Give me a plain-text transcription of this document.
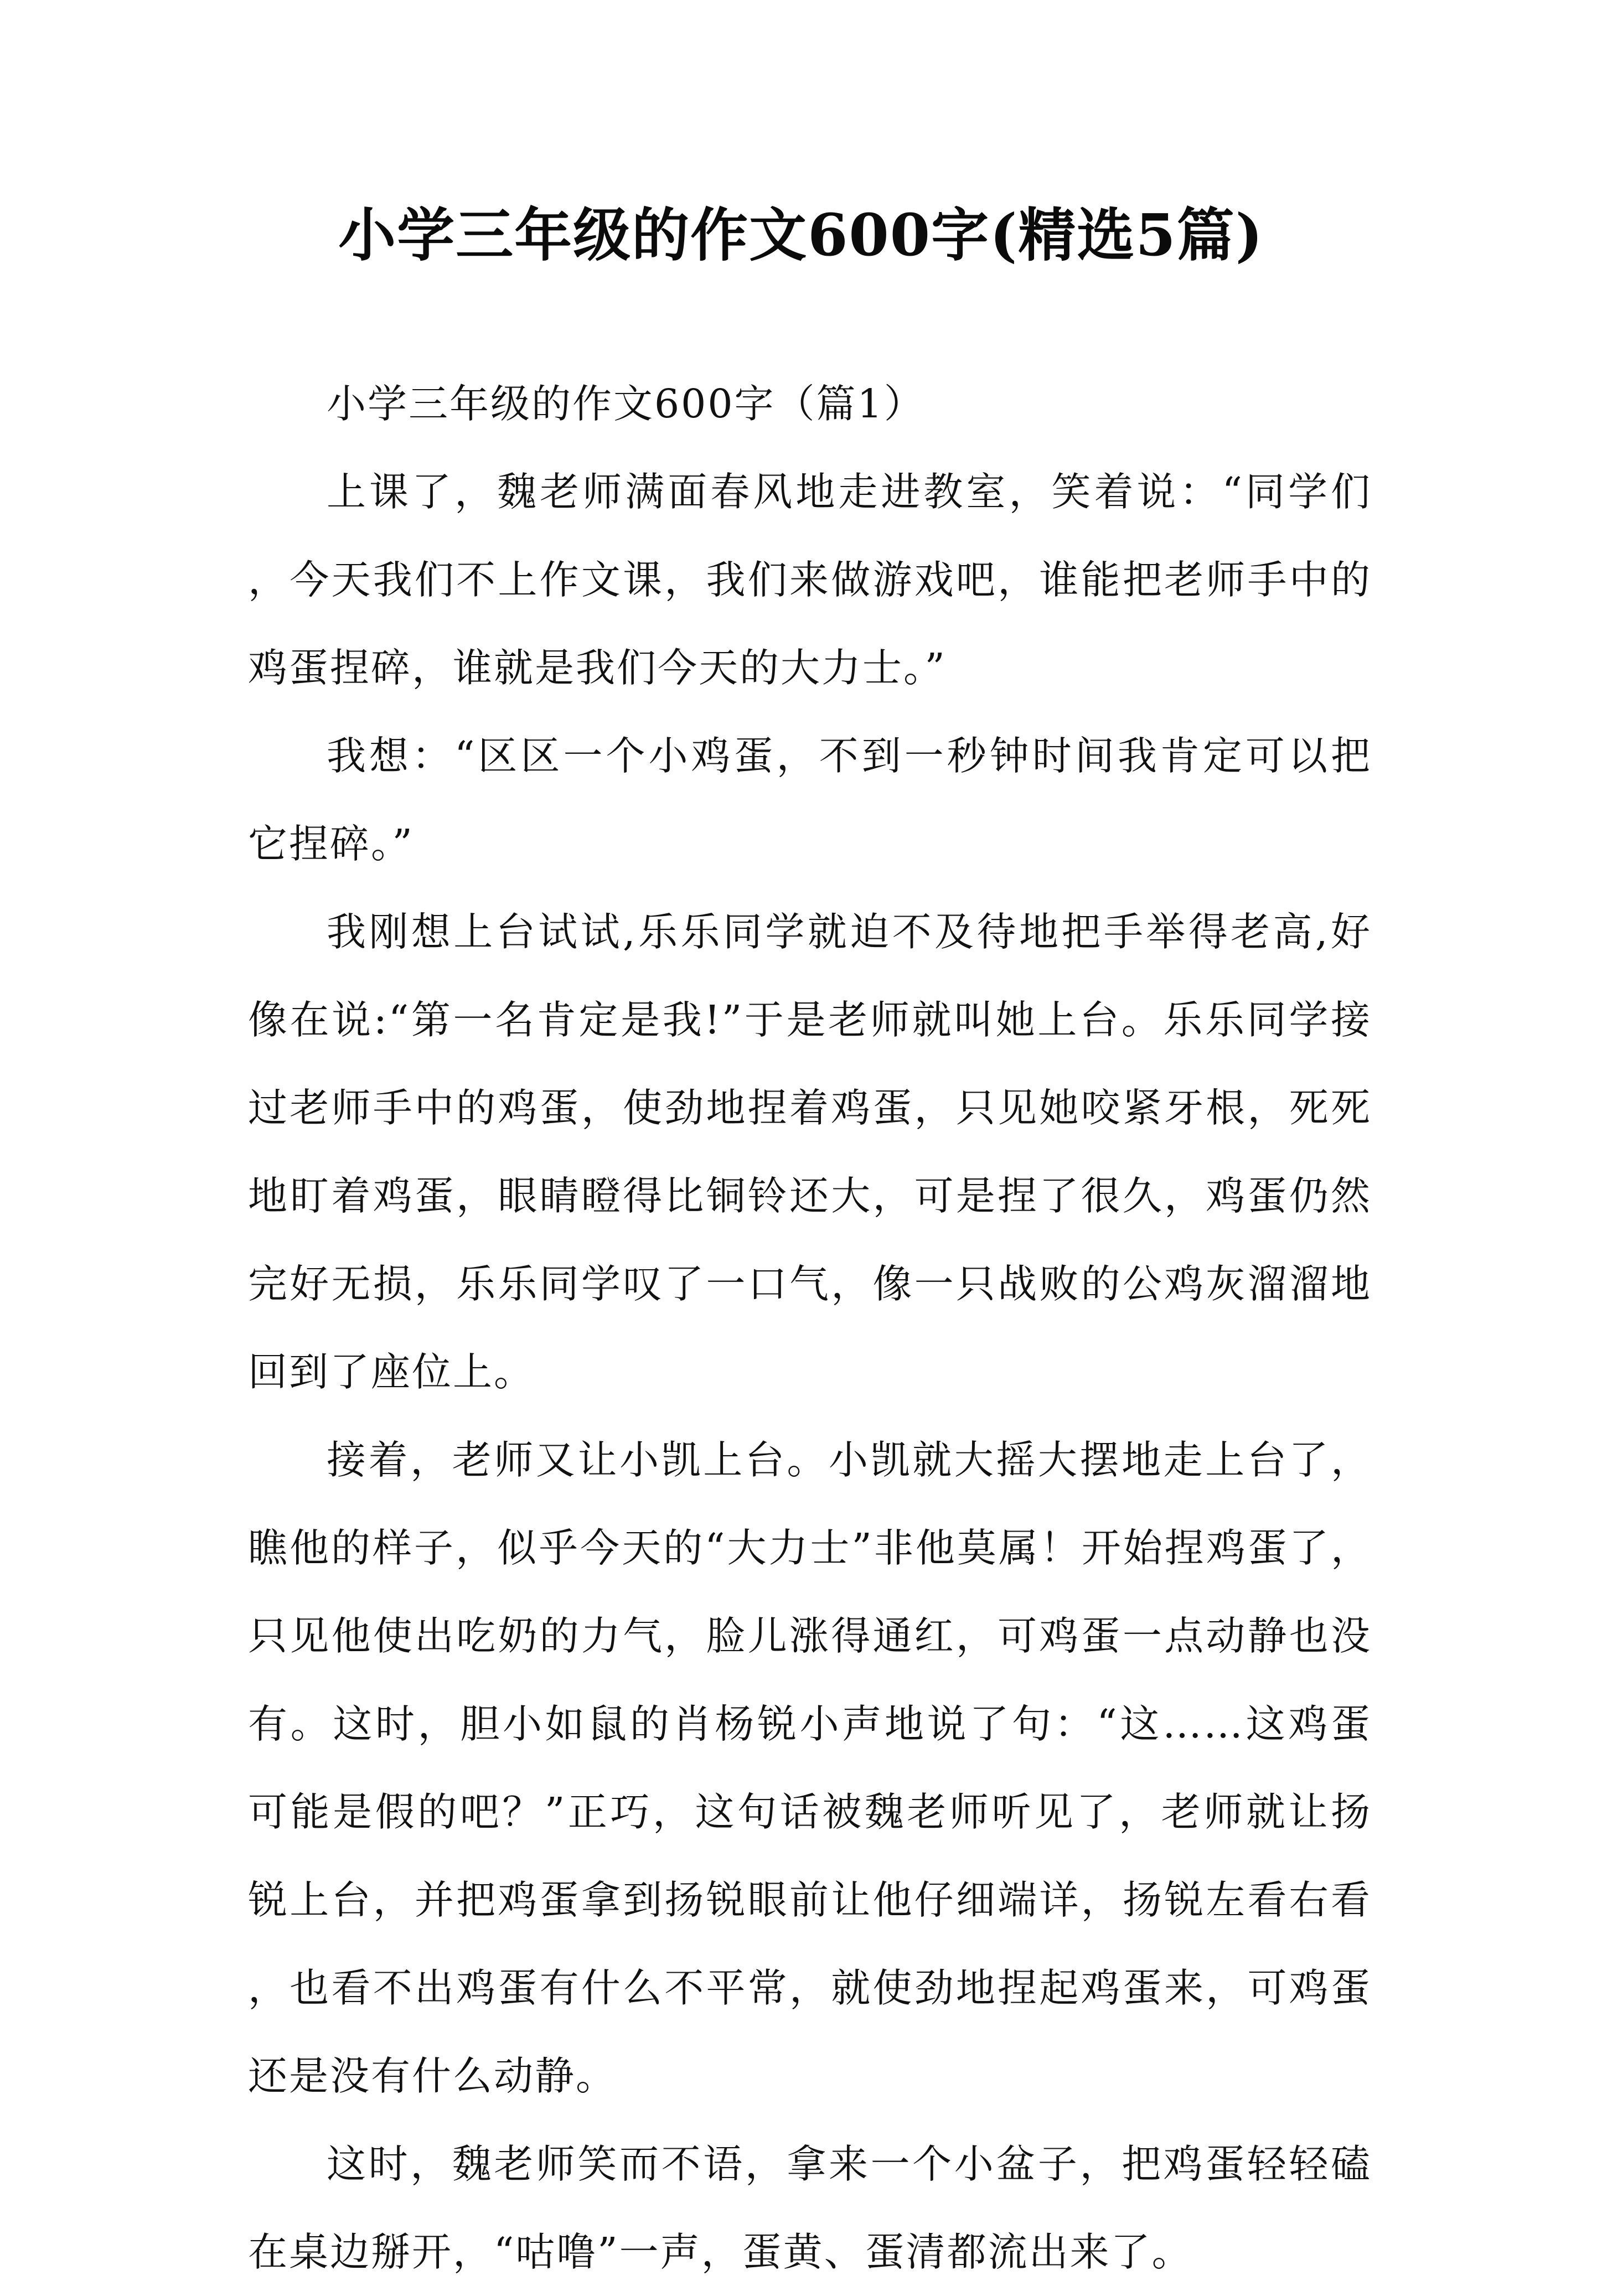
小学三年级的作文600字(精选5篇)

小学三年级的作文600字（篇1）

上课了，魏老师满面春风地走进教室，笑着说：“同学们，今天我们不上作文课，我们来做游戏吧，谁能把老师手中的鸡蛋捏碎，谁就是我们今天的大力士。”

我想：“区区一个小鸡蛋，不到一秒钟时间我肯定可以把它捏碎。”

我刚想上台试试,乐乐同学就迫不及待地把手举得老高,好像在说:“第一名肯定是我!”于是老师就叫她上台。乐乐同学接过老师手中的鸡蛋，使劲地捏着鸡蛋，只见她咬紧牙根，死死地盯着鸡蛋，眼睛瞪得比铜铃还大，可是捏了很久，鸡蛋仍然完好无损，乐乐同学叹了一口气，像一只战败的公鸡灰溜溜地回到了座位上。

接着，老师又让小凯上台。小凯就大摇大摆地走上台了，瞧他的样子，似乎今天的“大力士”非他莫属！开始捏鸡蛋了，只见他使出吃奶的力气，脸儿涨得通红，可鸡蛋一点动静也没有。这时，胆小如鼠的肖杨锐小声地说了句：“这……这鸡蛋可能是假的吧？”正巧，这句话被魏老师听见了，老师就让扬锐上台，并把鸡蛋拿到扬锐眼前让他仔细端详，扬锐左看右看，也看不出鸡蛋有什么不平常，就使劲地捏起鸡蛋来，可鸡蛋还是没有什么动静。

这时，魏老师笑而不语，拿来一个小盆子，把鸡蛋轻轻磕在桌边掰开，“咕噜”一声，蛋黄、蛋清都流出来了。
